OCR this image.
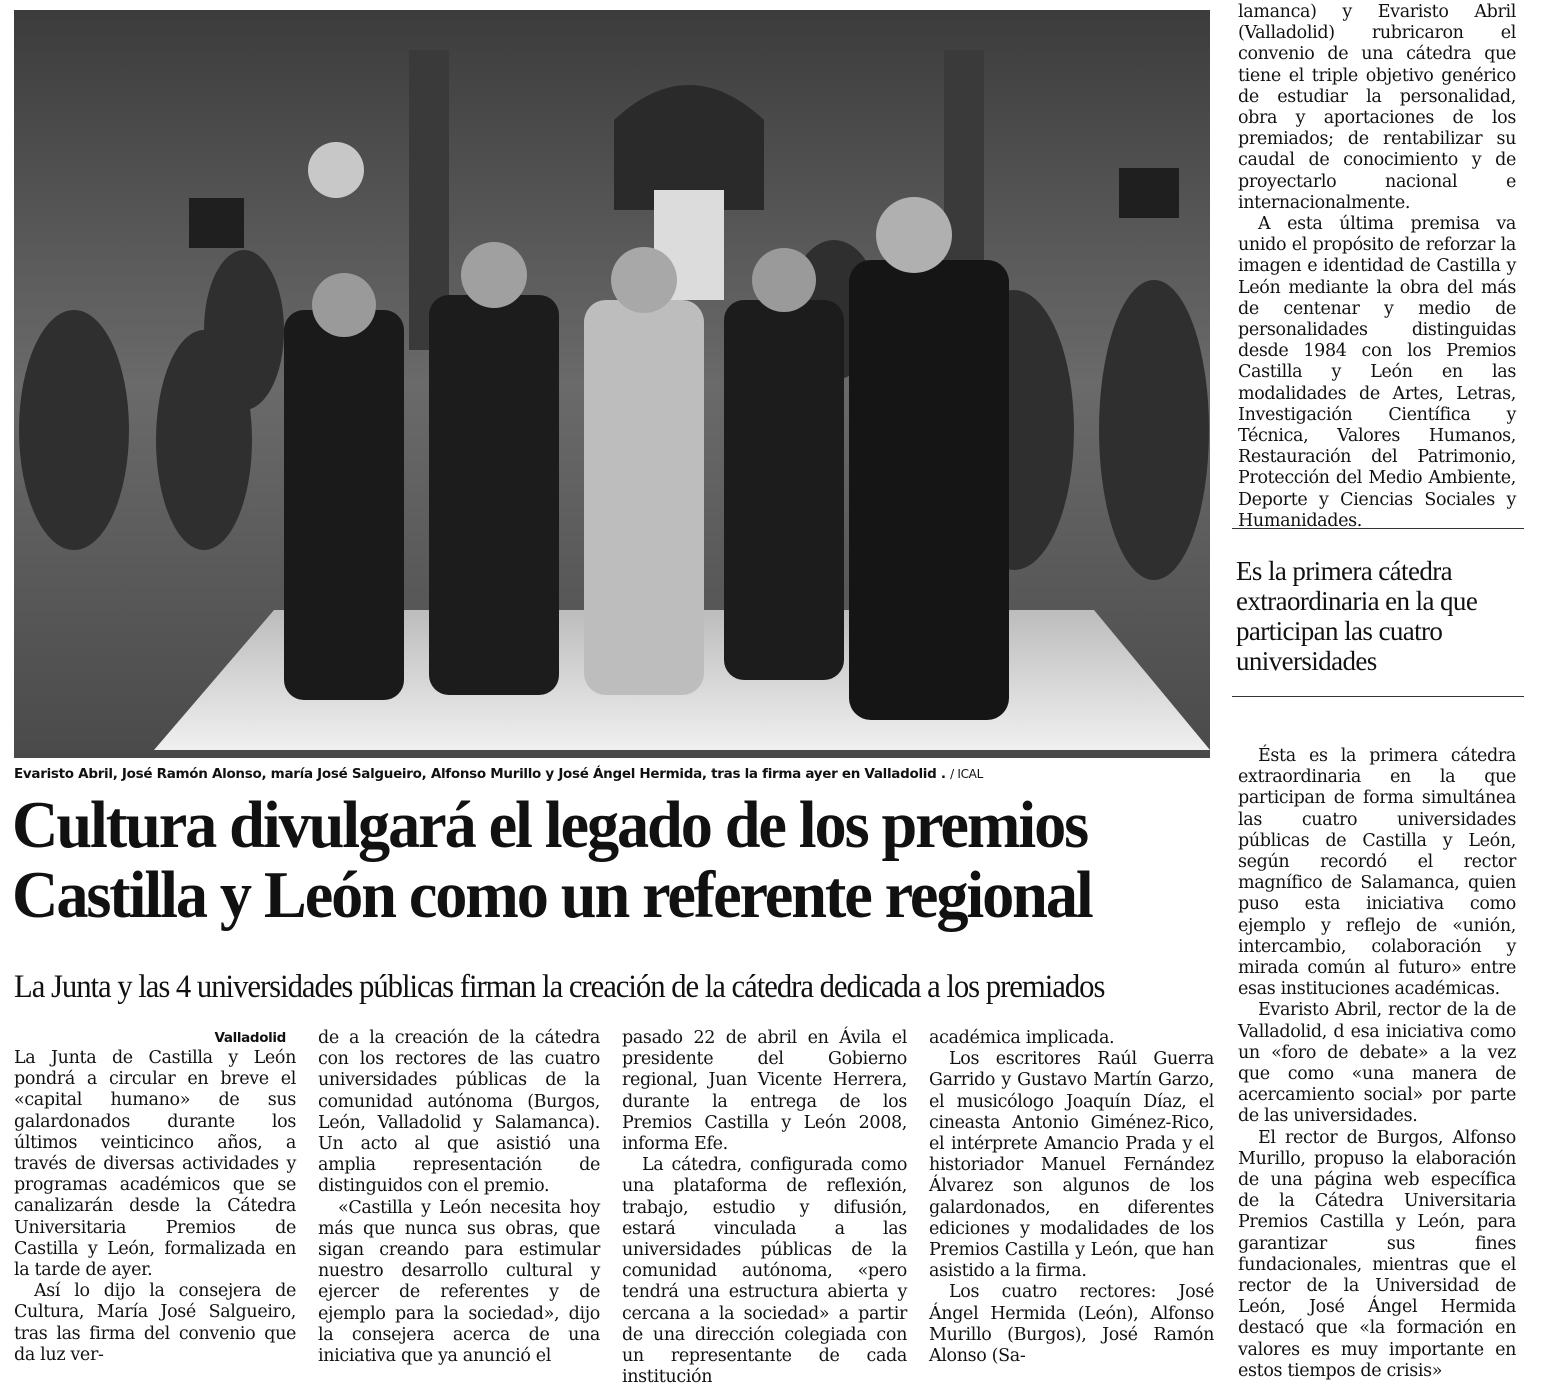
Evaristo Abril, José Ramón Alonso, maría José Salgueiro, Alfonso Murillo y José Ángel Hermida, tras la firma ayer en Valladolid . / ICAL
Cultura divulgará el legado de los premios Castilla y León como un referente regional
La Junta y las 4 universidades públicas firman la creación de la cátedra dedicada a los premiados
Valladolid

La Junta de Castilla y León pondrá a circular en breve el «capital humano» de sus galardonados durante los últimos veinticinco años, a través de diversas actividades y programas académicos que se canalizarán desde la Cátedra Universitaria Premios de Castilla y León, formalizada en la tarde de ayer.

Así lo dijo la consejera de Cultura, María José Salgueiro, tras las firma del convenio que da luz ver-

de a la creación de la cátedra con los rectores de las cuatro universidades públicas de la comunidad autónoma (Burgos, León, Valladolid y Salamanca). Un acto al que asistió una amplia representación de distinguidos con el premio.

«Castilla y León necesita hoy más que nunca sus obras, que sigan creando para estimular nuestro desarrollo cultural y ejercer de referentes y de ejemplo para la sociedad», dijo la consejera acerca de una iniciativa que ya anunció el

pasado 22 de abril en Ávila el presidente del Gobierno regional, Juan Vicente Herrera, durante la entrega de los Premios Castilla y León 2008, informa Efe.

La cátedra, configurada como una plataforma de reflexión, trabajo, estudio y difusión, estará vinculada a las universidades públicas de la comunidad autónoma, «pero tendrá una estructura abierta y cercana a la sociedad» a partir de una dirección colegiada con un representante de cada institución

académica implicada.

Los escritores Raúl Guerra Garrido y Gustavo Martín Garzo, el musicólogo Joaquín Díaz, el cineasta Antonio Giménez-Rico, el intérprete Amancio Prada y el historiador Manuel Fernández Álvarez son algunos de los galardonados, en diferentes ediciones y modalidades de los Premios Castilla y León, que han asistido a la firma.

Los cuatro rectores: José Ángel Hermida (León), Alfonso Murillo (Burgos), José Ramón Alonso (Sa-

lamanca) y Evaristo Abril (Valladolid) rubricaron el convenio de una cátedra que tiene el triple objetivo genérico de estudiar la personalidad, obra y aportaciones de los premiados; de rentabilizar su caudal de conocimiento y de proyectarlo nacional e internacionalmente.

A esta última premisa va unido el propósito de reforzar la imagen e identidad de Castilla y León mediante la obra del más de centenar y medio de personalidades distinguidas desde 1984 con los Premios Castilla y León en las modalidades de Artes, Letras, Investigación Científica y Técnica, Valores Humanos, Restauración del Patrimonio, Protección del Medio Ambiente, Deporte y Ciencias Sociales y Humanidades.

Es la primera cátedra extraordinaria en la que participan las cuatro universidades

Ésta es la primera cátedra extraordinaria en la que participan de forma simultánea las cuatro universidades públicas de Castilla y León, según recordó el rector magnífico de Salamanca, quien puso esta iniciativa como ejemplo y reflejo de «unión, intercambio, colaboración y mirada común al futuro» entre esas instituciones académicas.

Evaristo Abril, rector de la de Valladolid, d esa iniciativa como un «foro de debate» a la vez que como «una manera de acercamiento social» por parte de las universidades.

El rector de Burgos, Alfonso Murillo, propuso la elaboración de una página web específica de la Cátedra Universitaria Premios Castilla y León, para garantizar sus fines fundacionales, mientras que el rector de la Universidad de León, José Ángel Hermida destacó que «la formación en valores es muy importante en estos tiempos de crisis»
